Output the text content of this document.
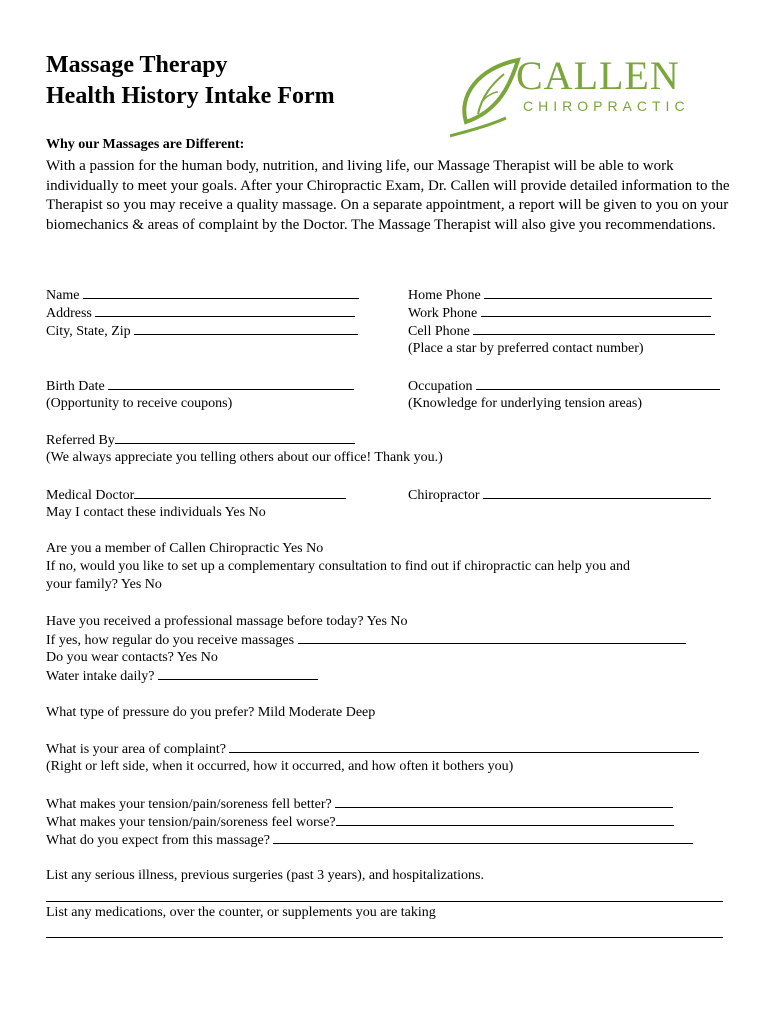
Massage Therapy
Health History Intake Form	CALLEN
CHIROPRACTIC
Why our Massages are Different:
With a passion for the human body, nutrition, and living life, our Massage Therapist will be able to work individually to meet your goals. After your Chiropractic Exam, Dr. Callen will provide detailed information to the Therapist so you may receive a quality massage. On a separate appointment, a report will be given to you on your biomechanics & areas of complaint by the Doctor. The Massage Therapist will also give you recommendations.
Name
Address
City, State, Zip
Home Phone
Work Phone
Cell Phone
(Place a star by preferred contact number)
Birth Date
(Opportunity to receive coupons)
Occupation
(Knowledge for underlying tension areas)
Referred By
(We always appreciate you telling others about our office! Thank you.)
Medical Doctor	Chiropractor
May I contact these individuals Yes No
Are you a member of Callen Chiropractic Yes No
If no, would you like to set up a complementary consultation to find out if chiropractic can help you and
your family? Yes No
Have you received a professional massage before today? Yes No
If yes, how regular do you receive massages
Do you wear contacts? Yes No
Water intake daily?
What type of pressure do you prefer? Mild Moderate Deep
What is your area of complaint?
(Right or left side, when it occurred, how it occurred, and how often it bothers you)
What makes your tension/pain/soreness fell better?
What makes your tension/pain/soreness feel worse?
What do you expect from this massage?
List any serious illness, previous surgeries (past 3 years), and hospitalizations.
List any medications, over the counter, or supplements you are taking
